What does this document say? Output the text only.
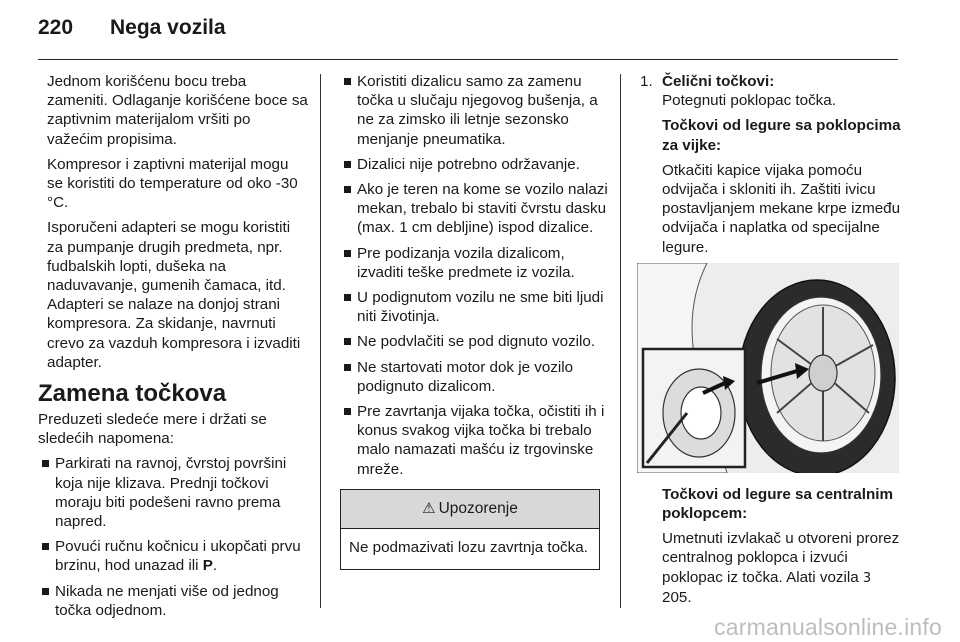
220	Nega vozila

Jednom korišćenu bocu treba zameniti. Odlaganje korišćene boce sa zaptivnim materijalom vršiti po važećim propisima.

Kompresor i zaptivni materijal mogu se koristiti do temperature od oko -30 °C.

Isporučeni adapteri se mogu koristiti za pumpanje drugih predmeta, npr. fudbalskih lopti, dušeka na naduvavanje, gumenih čamaca, itd. Adapteri se nalaze na donjoj strani kompresora. Za skidanje, navrnuti crevo za vazduh kompresora i izvaditi adapter.

Zamena točkova

Preduzeti sledeće mere i držati se sledećih napomena:

Parkirati na ravnoj, čvrstoj površini koja nije klizava. Prednji točkovi moraju biti podešeni ravno prema napred.
Povući ručnu kočnicu i ukopčati prvu brzinu, hod unazad ili P.
Nikada ne menjati više od jednog točka odjednom.
Koristiti dizalicu samo za zamenu točka u slučaju njegovog bušenja, a ne za zimsko ili letnje sezonsko menjanje pneumatika.
Dizalici nije potrebno održavanje.
Ako je teren na kome se vozilo nalazi mekan, trebalo bi staviti čvrstu dasku (max. 1 cm debljine) ispod dizalice.
Pre podizanja vozila dizalicom, izvaditi teške predmete iz vozila.
U podignutom vozilu ne sme biti ljudi niti životinja.
Ne podvlačiti se pod dignuto vozilo.
Ne startovati motor dok je vozilo podignuto dizalicom.
Pre zavrtanja vijaka točka, očistiti ih i konus svakog vijka točka bi trebalo malo namazati mašću iz trgovinske mreže.
⚠ Upozorenje
Ne podmazivati lozu zavrtnja točka.
1. Čelični točkovi:

Potegnuti poklopac točka.

Točkovi od legure sa poklopcima za vijke:

Otkačiti kapice vijaka pomoću odvijača i skloniti ih. Zaštiti ivicu postavljanjem mekane krpe između odvijača i naplatka od specijalne legure.

Točkovi od legure sa centralnim poklopcem:

Umetnuti izvlakač u otvoreni prorez centralnog poklopca i izvući poklopac iz točka. Alati vozila 3 205.

carmanualsonline.info
